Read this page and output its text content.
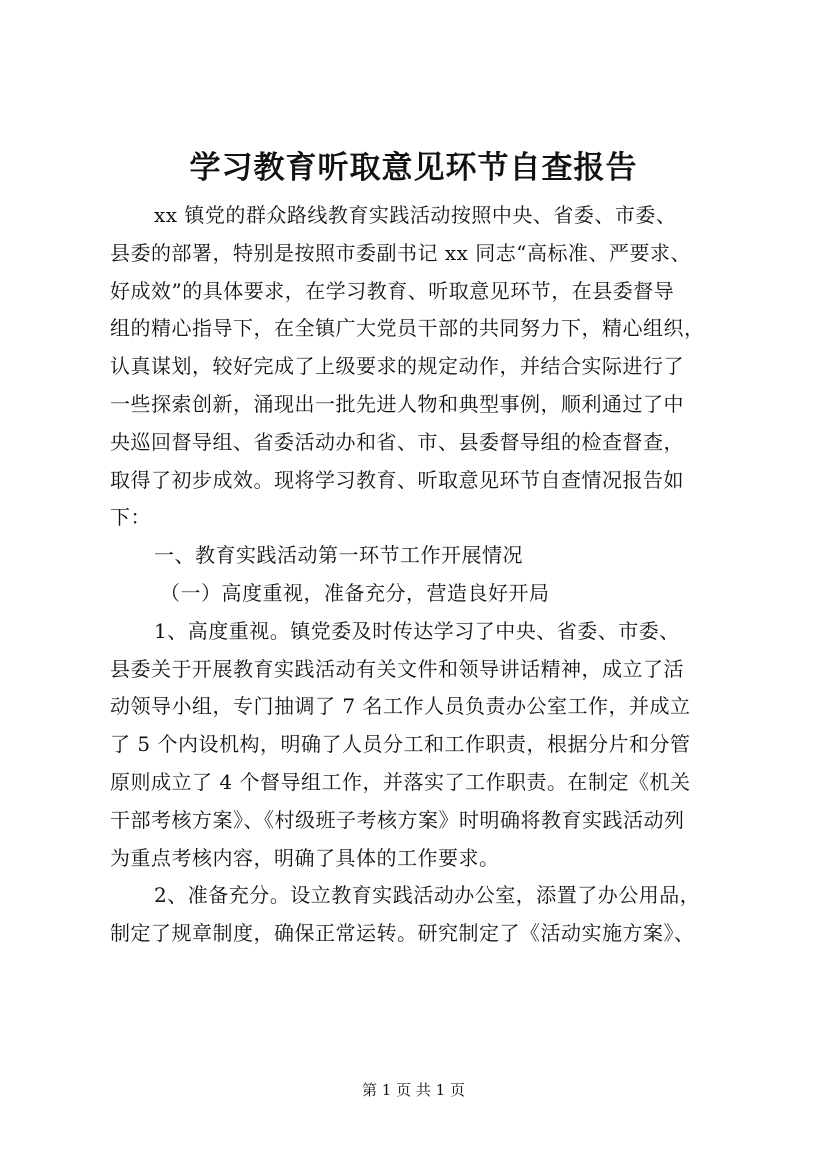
学习教育听取意见环节自查报告
xx 镇党的群众路线教育实践活动按照中央、省委、市委、
县委的部署，特别是按照市委副书记 xx 同志“高标准、严要求、
好成效”的具体要求，在学习教育、听取意见环节，在县委督导
组的精心指导下，在全镇广大党员干部的共同努力下，精心组织，
认真谋划，较好完成了上级要求的规定动作，并结合实际进行了
一些探索创新，涌现出一批先进人物和典型事例，顺利通过了中
央巡回督导组、省委活动办和省、市、县委督导组的检查督查，
取得了初步成效。现将学习教育、听取意见环节自查情况报告如
下：
一、教育实践活动第一环节工作开展情况
（一）高度重视，准备充分，营造良好开局
1、高度重视。镇党委及时传达学习了中央、省委、市委、
县委关于开展教育实践活动有关文件和领导讲话精神，成立了活
动领导小组，专门抽调了 7 名工作人员负责办公室工作，并成立
了 5 个内设机构，明确了人员分工和工作职责，根据分片和分管
原则成立了 4 个督导组工作，并落实了工作职责。在制定《机关
干部考核方案》、《村级班子考核方案》时明确将教育实践活动列
为重点考核内容，明确了具体的工作要求。
2、准备充分。设立教育实践活动办公室，添置了办公用品，
制定了规章制度，确保正常运转。研究制定了《活动实施方案》、
第 1 页 共 1 页
